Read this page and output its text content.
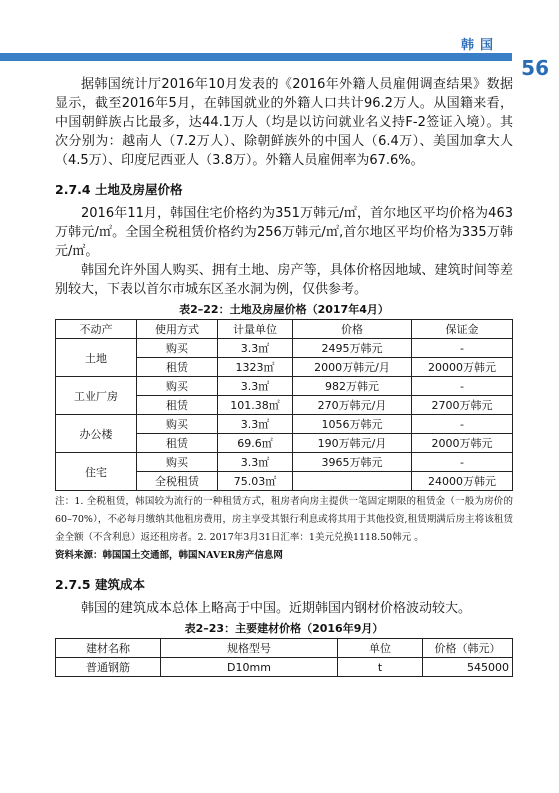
韩国
56

据韩国统计厅2016年10月发表的《2016年外籍人员雇佣调查结果》数据显示，截至2016年5月，在韩国就业的外籍人口共计96.2万人。从国籍来看，中国朝鲜族占比最多，达44.1万人（均是以访问就业名义持F-2签证入境）。其次分别为：越南人（7.2万人）、除朝鲜族外的中国人（6.4万）、美国加拿大人（4.5万）、印度尼西亚人（3.8万）。外籍人员雇佣率为67.6%。

2.7.4 土地及房屋价格

2016年11月，韩国住宅价格约为351万韩元/㎡，首尔地区平均价格为463万韩元/㎡。全国全税租赁价格约为256万韩元/㎡,首尔地区平均价格为335万韩元/㎡。

韩国允许外国人购买、拥有土地、房产等，具体价格因地域、建筑时间等差别较大，下表以首尔市城东区圣水洞为例，仅供参考。

表2–22：土地及房屋价格（2017年4月）
不动产	使用方式	计量单位	价格	保证金
土地	购买	3.3㎡	2495万韩元	-
	租赁	1323㎡	2000万韩元/月	20000万韩元
工业厂房	购买	3.3㎡	982万韩元	-
	租赁	101.38㎡	270万韩元/月	2700万韩元
办公楼	购买	3.3㎡	1056万韩元	-
	租赁	69.6㎡	190万韩元/月	2000万韩元
住宅	购买	3.3㎡	3965万韩元	-
	全税租赁	75.03㎡		24000万韩元
注：1. 全税租赁，韩国较为流行的一种租赁方式，租房者向房主提供一笔固定期限的租赁金（一般为房价的60–70%），不必每月缴纳其他租房费用，房主享受其银行利息或将其用于其他投资,租赁期满后房主将该租赁金全额（不含利息）返还租房者。2. 2017年3月31日汇率：1美元兑换1118.50韩元 。
资料来源：韩国国土交通部，韩国NAVER房产信息网
2.7.5 建筑成本

韩国的建筑成本总体上略高于中国。近期韩国内钢材价格波动较大。

表2–23：主要建材价格（2016年9月）
建材名称	规格型号	单位	价格（韩元）
普通钢筋	D10mm	t	545000
